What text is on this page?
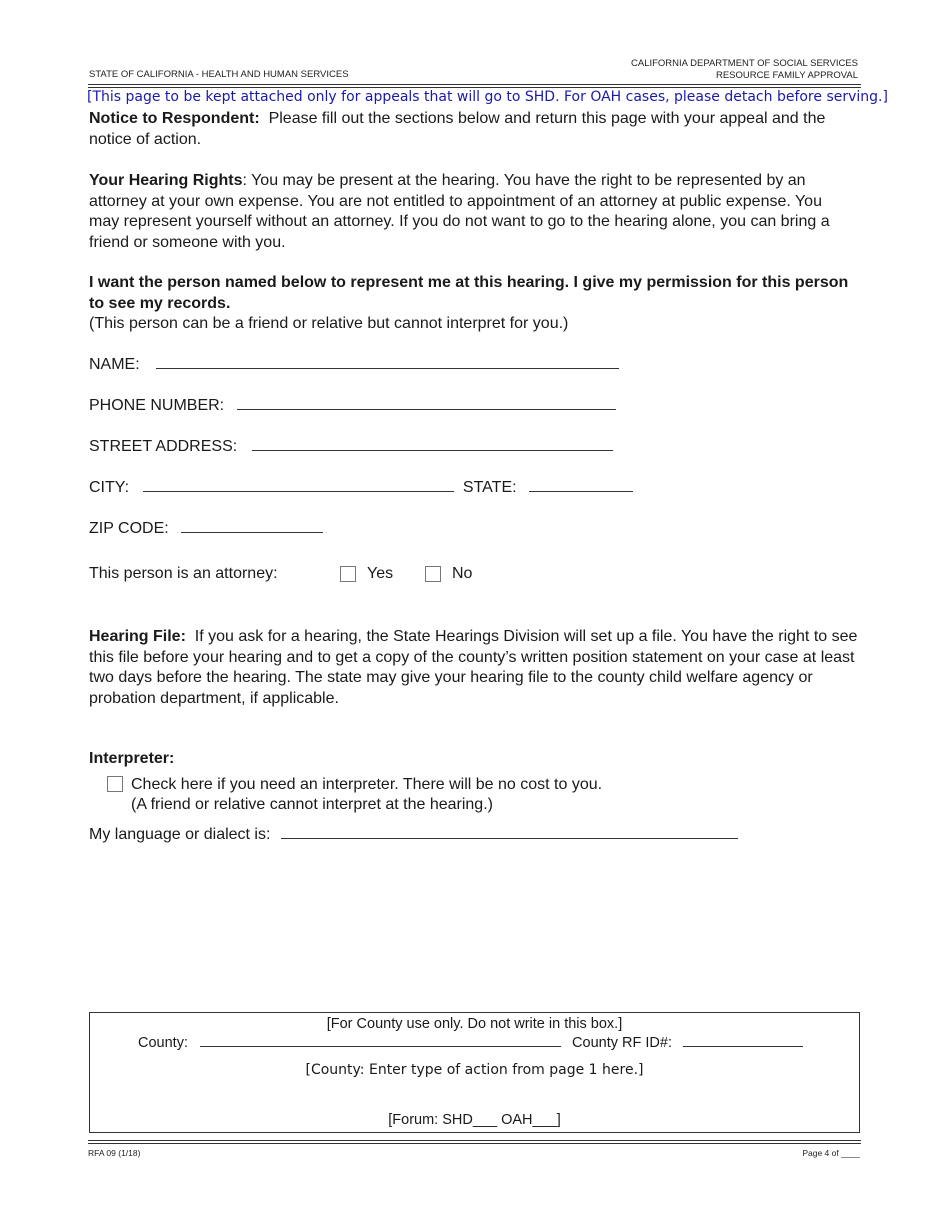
STATE OF CALIFORNIA - HEALTH AND HUMAN SERVICES
CALIFORNIA DEPARTMENT OF SOCIAL SERVICES
RESOURCE FAMILY APPROVAL
[This page to be kept attached only for appeals that will go to SHD. For OAH cases, please detach before serving.]
Notice to Respondent: Please fill out the sections below and return this page with your appeal and the notice of action.
Your Hearing Rights: You may be present at the hearing. You have the right to be represented by an attorney at your own expense. You are not entitled to appointment of an attorney at public expense. You may represent yourself without an attorney. If you do not want to go to the hearing alone, you can bring a friend or someone with you.
I want the person named below to represent me at this hearing. I give my permission for this person to see my records.
(This person can be a friend or relative but cannot interpret for you.)
NAME:
PHONE NUMBER:
STREET ADDRESS:
CITY:	STATE:
ZIP CODE:
This person is an attorney:	Yes	No
Hearing File: If you ask for a hearing, the State Hearings Division will set up a file. You have the right to see this file before your hearing and to get a copy of the county’s written position statement on your case at least two days before the hearing. The state may give your hearing file to the county child welfare agency or probation department, if applicable.
Interpreter:
Check here if you need an interpreter. There will be no cost to you.
(A friend or relative cannot interpret at the hearing.)
My language or dialect is:
[For County use only. Do not write in this box.]
County:	County RF ID#:
[County: Enter type of action from page 1 here.]
[Forum: SHD___ OAH___]
RFA 09 (1/18)	Page 4 of ____
